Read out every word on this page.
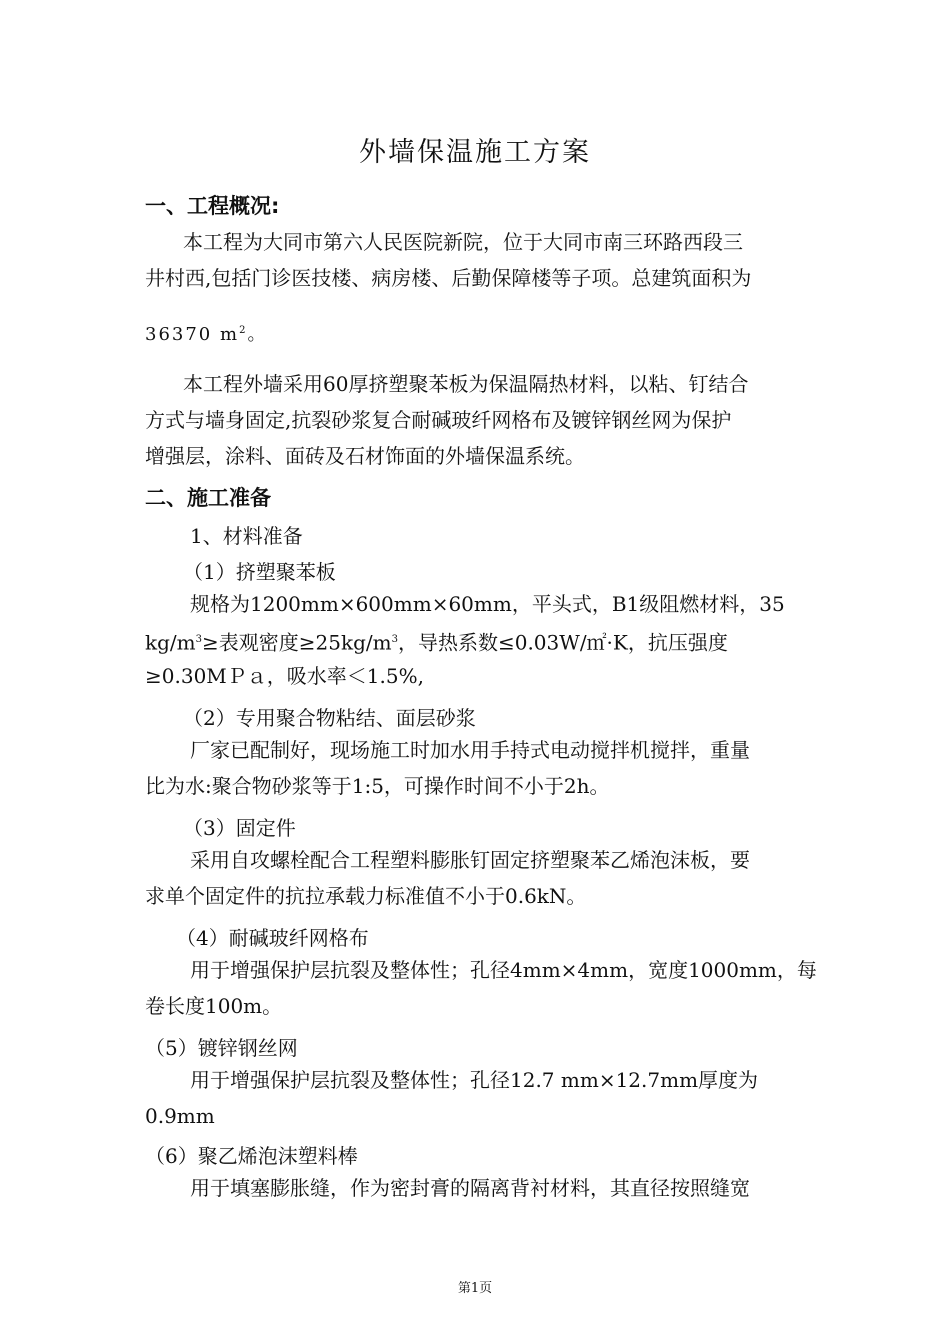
外墙保温施工方案
一、工程概况:

本工程为大同市第六人民医院新院，位于大同市南三环路西段三

井村西,包括门诊医技楼、病房楼、后勤保障楼等子项。总建筑面积为

36370 $m^2$。

本工程外墙采用60厚挤塑聚苯板为保温隔热材料，以粘、钉结合

方式与墙身固定,抗裂砂浆复合耐碱玻纤网格布及镀锌钢丝网为保护

增强层，涂料、面砖及石材饰面的外墙保温系统。

二、施工准备

1、材料准备

（1）挤塑聚苯板

规格为1200mm×600mm×60mm，平头式，B1级阻燃材料，35

$kg/m^3\ge$表观密度$\ge 25kg/m^3$，导热系数≤0.03W/㎡·K，抗压强度

≥0.30MＰａ，吸水率＜1.5%,

（2）专用聚合物粘结、面层砂浆

厂家已配制好，现场施工时加水用手持式电动搅拌机搅拌，重量

比为水:聚合物砂浆等于1:5，可操作时间不小于2h。

（3）固定件

采用自攻螺栓配合工程塑料膨胀钉固定挤塑聚苯乙烯泡沫板，要

求单个固定件的抗拉承载力标准值不小于0.6kN。

（4）耐碱玻纤网格布

用于增强保护层抗裂及整体性；孔径4mm×4mm，宽度1000mm，每

卷长度100m。

（5）镀锌钢丝网

用于增强保护层抗裂及整体性；孔径12.7 mm×12.7mm厚度为

0.9mm

（6）聚乙烯泡沫塑料棒

用于填塞膨胀缝，作为密封膏的隔离背衬材料，其直径按照缝宽

第1页
